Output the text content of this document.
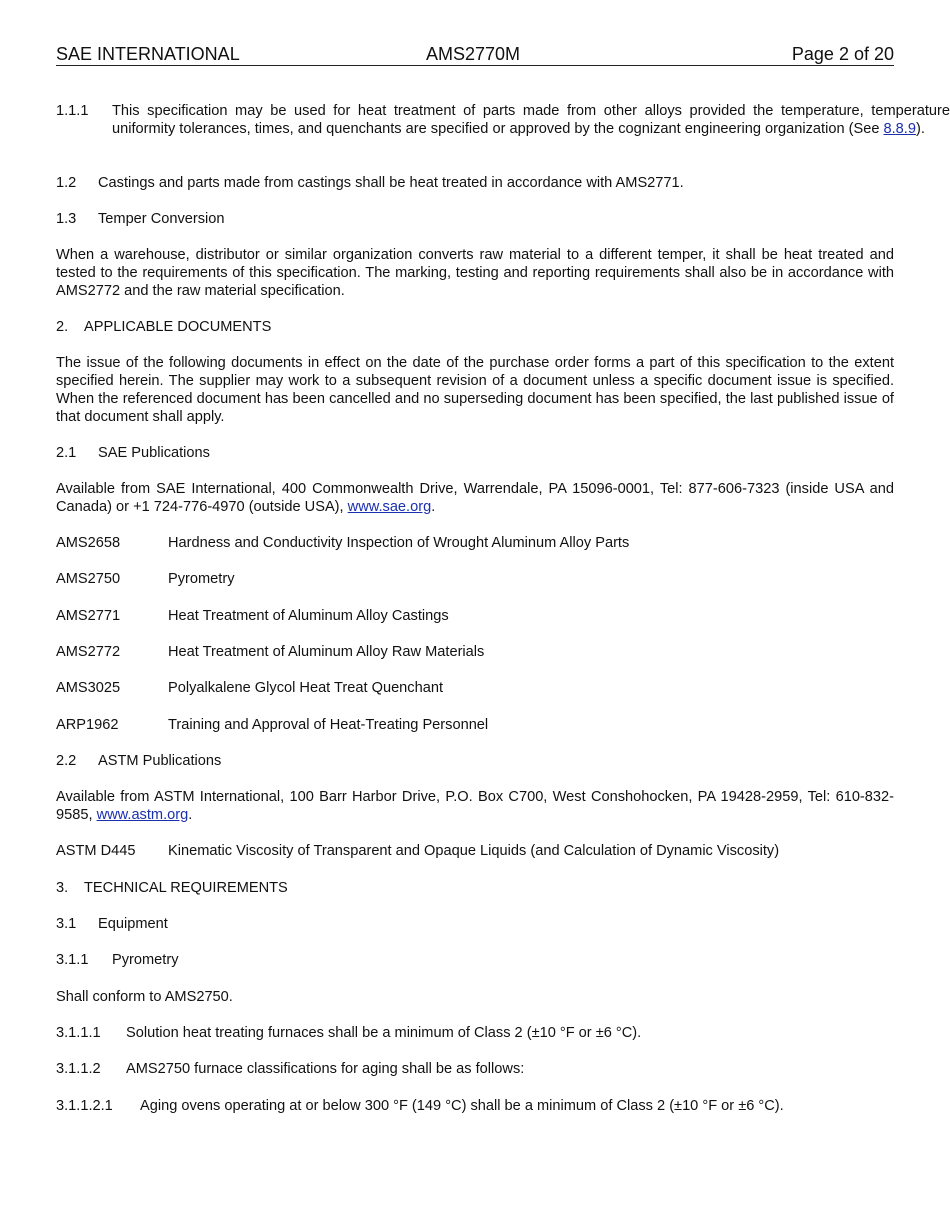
SAE INTERNATIONAL	AMS2770M	Page 2 of 20
1.1.1 This specification may be used for heat treatment of parts made from other alloys provided the temperature, temperature uniformity tolerances, times, and quenchants are specified or approved by the cognizant engineering organization (See 8.8.9).
1.2 Castings and parts made from castings shall be heat treated in accordance with AMS2771.
1.3 Temper Conversion
When a warehouse, distributor or similar organization converts raw material to a different temper, it shall be heat treated and tested to the requirements of this specification. The marking, testing and reporting requirements shall also be in accordance with AMS2772 and the raw material specification.
2. APPLICABLE DOCUMENTS
The issue of the following documents in effect on the date of the purchase order forms a part of this specification to the extent specified herein. The supplier may work to a subsequent revision of a document unless a specific document issue is specified. When the referenced document has been cancelled and no superseding document has been specified, the last published issue of that document shall apply.
2.1 SAE Publications
Available from SAE International, 400 Commonwealth Drive, Warrendale, PA 15096-0001, Tel: 877-606-7323 (inside USA and Canada) or +1 724-776-4970 (outside USA), www.sae.org.
AMS2658	Hardness and Conductivity Inspection of Wrought Aluminum Alloy Parts
AMS2750	Pyrometry
AMS2771	Heat Treatment of Aluminum Alloy Castings
AMS2772	Heat Treatment of Aluminum Alloy Raw Materials
AMS3025	Polyalkalene Glycol Heat Treat Quenchant
ARP1962	Training and Approval of Heat-Treating Personnel
2.2 ASTM Publications
Available from ASTM International, 100 Barr Harbor Drive, P.O. Box C700, West Conshohocken, PA 19428-2959, Tel: 610-832-9585, www.astm.org.
ASTM D445 Kinematic Viscosity of Transparent and Opaque Liquids (and Calculation of Dynamic Viscosity)
3. TECHNICAL REQUIREMENTS
3.1 Equipment
3.1.1 Pyrometry
Shall conform to AMS2750.
3.1.1.1 Solution heat treating furnaces shall be a minimum of Class 2 (±10 °F or ±6 °C).
3.1.1.2 AMS2750 furnace classifications for aging shall be as follows:
3.1.1.2.1 Aging ovens operating at or below 300 °F (149 °C) shall be a minimum of Class 2 (±10 °F or ±6 °C).
